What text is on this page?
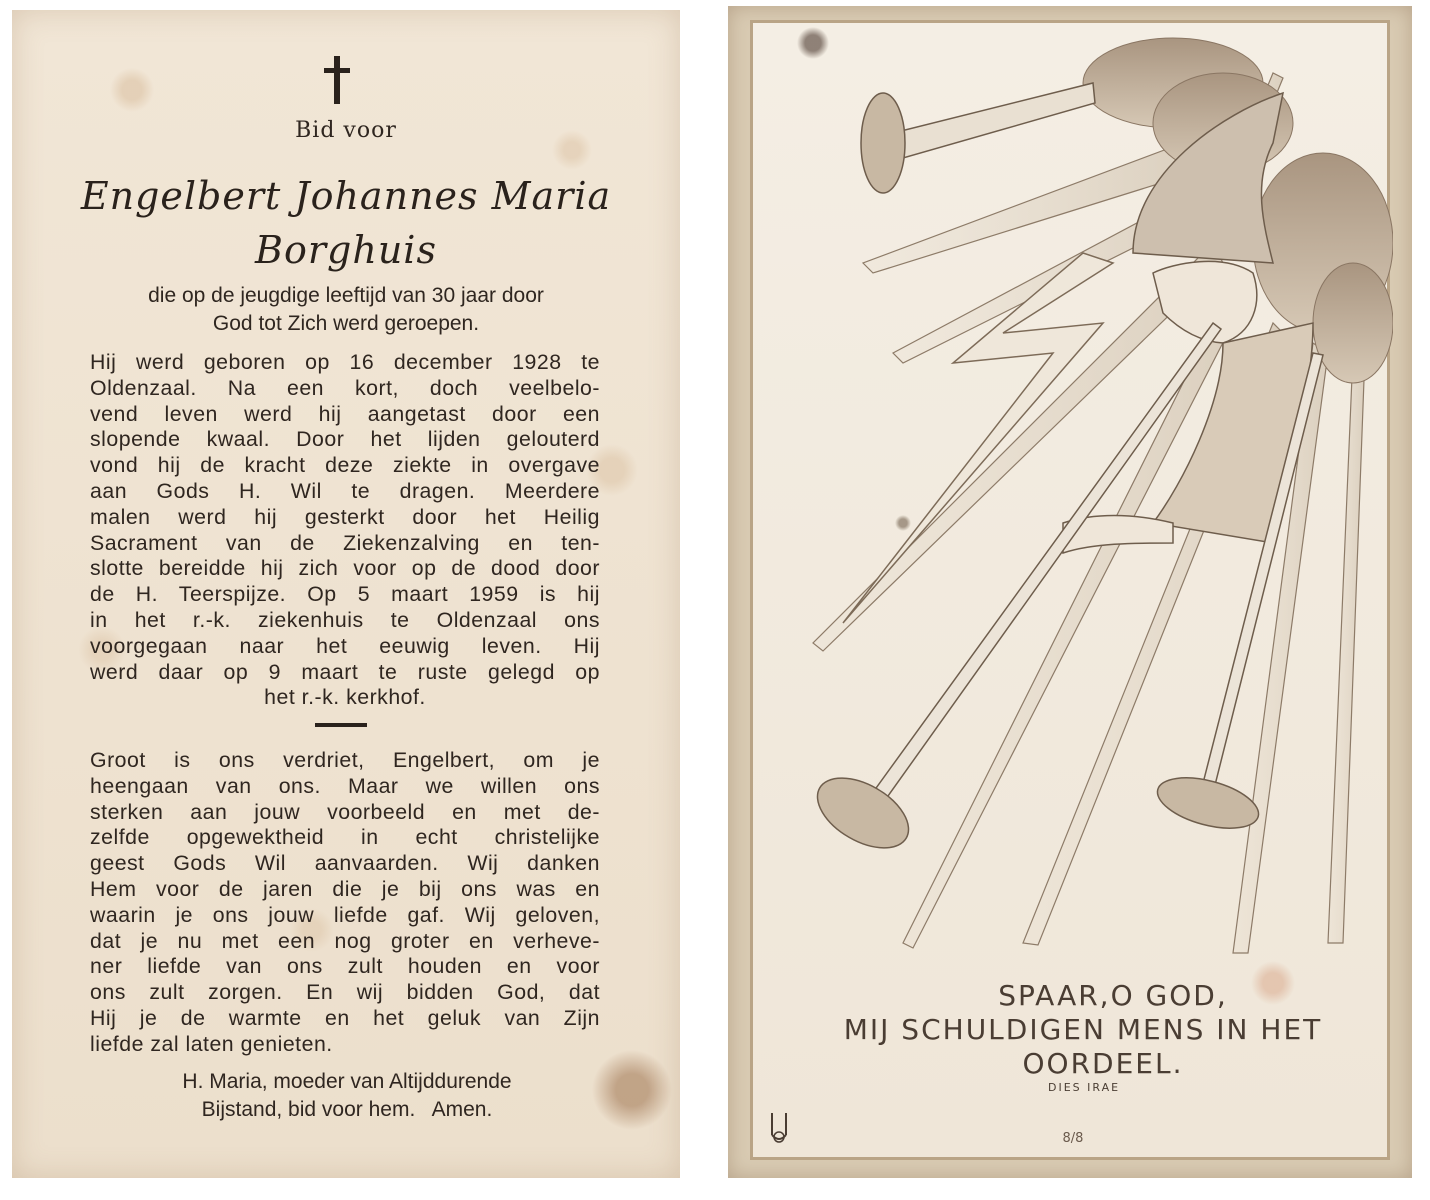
Bid voor
Engelbert Johannes Maria
Borghuis
die op de jeugdige leeftijd van 30 jaar door
God tot Zich werd geroepen.
Hij werd geboren op 16 december 1928 te
Oldenzaal. Na een kort, doch veelbelo-
vend leven werd hij aangetast door een
slopende kwaal. Door het lijden gelouterd
vond hij de kracht deze ziekte in overgave
aan Gods H. Wil te dragen. Meerdere
malen werd hij gesterkt door het Heilig
Sacrament van de Ziekenzalving en ten-
slotte bereidde hij zich voor op de dood door
de H. Teerspijze. Op 5 maart 1959 is hij
in het r.-k. ziekenhuis te Oldenzaal ons
voorgegaan naar het eeuwig leven. Hij
werd daar op 9 maart te ruste gelegd op
het r.-k. kerkhof.
Groot is ons verdriet, Engelbert, om je
heengaan van ons. Maar we willen ons
sterken aan jouw voorbeeld en met de-
zelfde opgewektheid in echt christelijke
geest Gods Wil aanvaarden. Wij danken
Hem voor de jaren die je bij ons was en
waarin je ons jouw liefde gaf. Wij geloven,
dat je nu met een nog groter en verheve-
ner liefde van ons zult houden en voor
ons zult zorgen. En wij bidden God, dat
Hij je de warmte en het geluk van Zijn
liefde zal laten genieten.
H. Maria, moeder van Altijddurende
Bijstand, bid voor hem.   Amen.
SPAAR,O GOD,
MIJ SCHULDIGEN MENS IN HET
OORDEEL.
DIES IRAE
8/8
